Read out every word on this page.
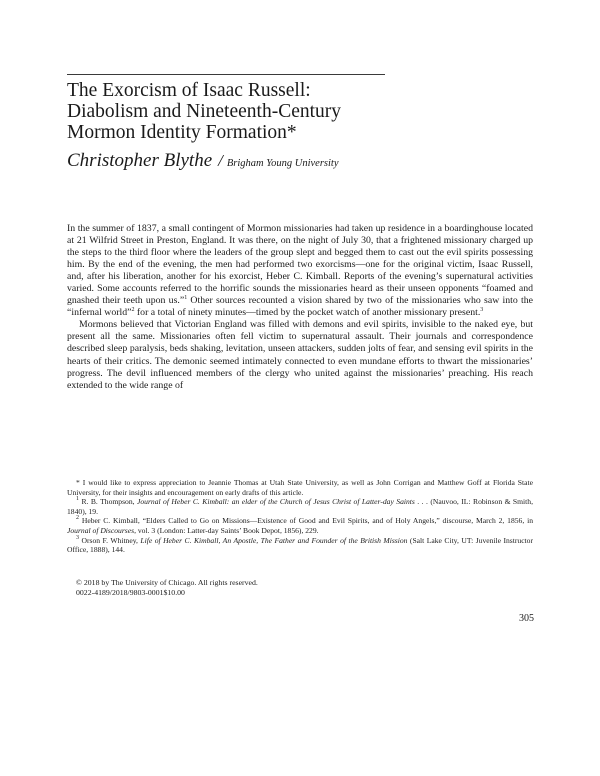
The Exorcism of Isaac Russell:
Diabolism and Nineteenth-Century
Mormon Identity Formation*
Christopher Blythe / Brigham Young University

In the summer of 1837, a small contingent of Mormon missionaries had taken up residence in a boardinghouse located at 21 Wilfrid Street in Preston, England. It was there, on the night of July 30, that a frightened missionary charged up the steps to the third floor where the leaders of the group slept and begged them to cast out the evil spirits possessing him. By the end of the evening, the men had performed two exorcisms—one for the original victim, Isaac Russell, and, after his liberation, another for his exorcist, Heber C. Kimball. Reports of the evening’s supernatural activities varied. Some accounts referred to the horrific sounds the missionaries heard as their unseen opponents “foamed and gnashed their teeth upon us.”$^1$ Other sources recounted a vision shared by two of the missionaries who saw into the “infernal world”$^2$ for a total of ninety minutes—timed by the pocket watch of another missionary present.$^3$

Mormons believed that Victorian England was filled with demons and evil spirits, invisible to the naked eye, but present all the same. Missionaries often fell victim to supernatural assault. Their journals and correspondence described sleep paralysis, beds shaking, levitation, unseen attackers, sudden jolts of fear, and sensing evil spirits in the hearts of their critics. The demonic seemed intimately connected to even mundane efforts to thwart the missionaries’ progress. The devil influenced members of the clergy who united against the missionaries’ preaching. His reach extended to the wide range of

* I would like to express appreciation to Jeannie Thomas at Utah State University, as well as John Corrigan and Matthew Goff at Florida State University, for their insights and encouragement on early drafts of this article.

$^1$ R. B. Thompson, Journal of Heber C. Kimball: an elder of the Church of Jesus Christ of Latter-day Saints . . . (Nauvoo, IL: Robinson & Smith, 1840), 19.

$^2$ Heber C. Kimball, “Elders Called to Go on Missions—Existence of Good and Evil Spirits, and of Holy Angels,” discourse, March 2, 1856, in Journal of Discourses, vol. 3 (London: Latter-day Saints’ Book Depot, 1856), 229.

$^3$ Orson F. Whitney, Life of Heber C. Kimball, An Apostle, The Father and Founder of the British Mission (Salt Lake City, UT: Juvenile Instructor Office, 1888), 144.

© 2018 by The University of Chicago. All rights reserved.
0022-4189/2018/9803-0001$10.00
305
